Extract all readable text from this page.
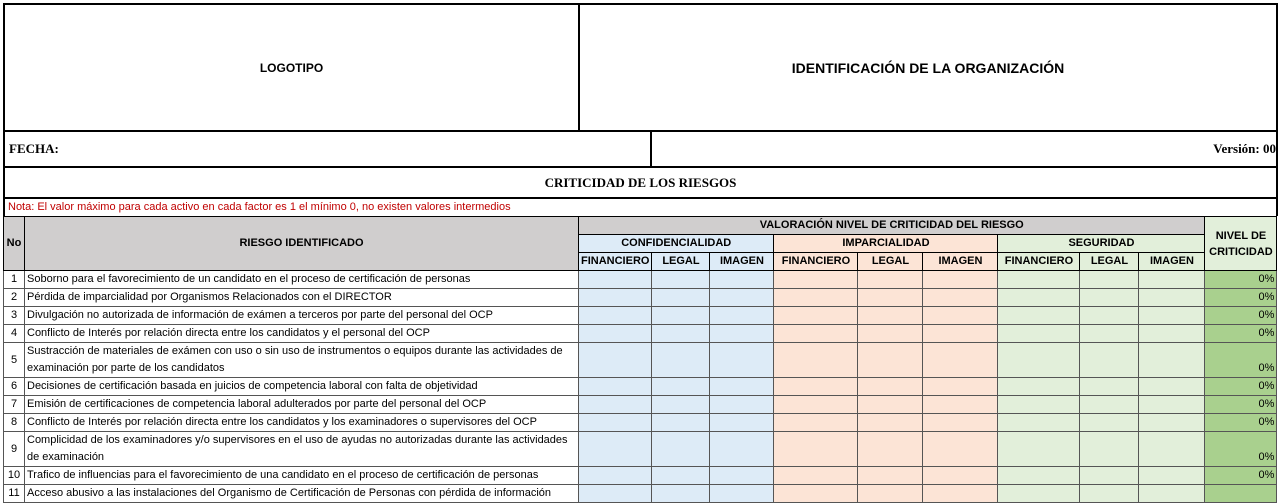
LOGOTIPO	IDENTIFICACIÓN DE LA ORGANIZACIÓN
FECHA:	Versión: 00
CRITICIDAD DE LOS RIESGOS
Nota: El valor máximo para cada activo en cada factor es 1 el mínimo 0, no existen valores intermedios
No	RIESGO IDENTIFICADO	VALORACIÓN NIVEL DE CRITICIDAD DEL RIESGO									NIVEL DE CRITICIDAD
		CONFIDENCIALIDAD			IMPARCIALIDAD			SEGURIDAD			
		FINANCIERO	LEGAL	IMAGEN	FINANCIERO	LEGAL	IMAGEN	FINANCIERO	LEGAL	IMAGEN	
1	Soborno para el favorecimiento de un candidato en el proceso de certificación de personas										0%
2	Pérdida de imparcialidad por Organismos Relacionados con el DIRECTOR										0%
3	Divulgación no autorizada de información de exámen a terceros por parte del personal del OCP										0%
4	Conflicto de Interés por relación directa entre los candidatos y el personal del OCP										0%
5	Sustracción de materiales de exámen con uso o sin uso de instrumentos o equipos durante las actividades de examinación por parte de los candidatos										0%
6	Decisiones de certificación basada en juicios de competencia laboral con falta de objetividad										0%
7	Emisión de certificaciones de competencia laboral adulterados por parte del personal del OCP										0%
8	Conflicto de Interés por relación directa entre los candidatos y los examinadores o supervisores del OCP										0%
9	Complicidad de los examinadores y/o supervisores en el uso de ayudas no autorizadas durante las actividades de examinación										0%
10	Trafico de influencias para el favorecimiento de una candidato en el proceso de certificación de personas										0%
11	Acceso abusivo a las instalaciones del Organismo de Certificación de Personas con pérdida de información										
